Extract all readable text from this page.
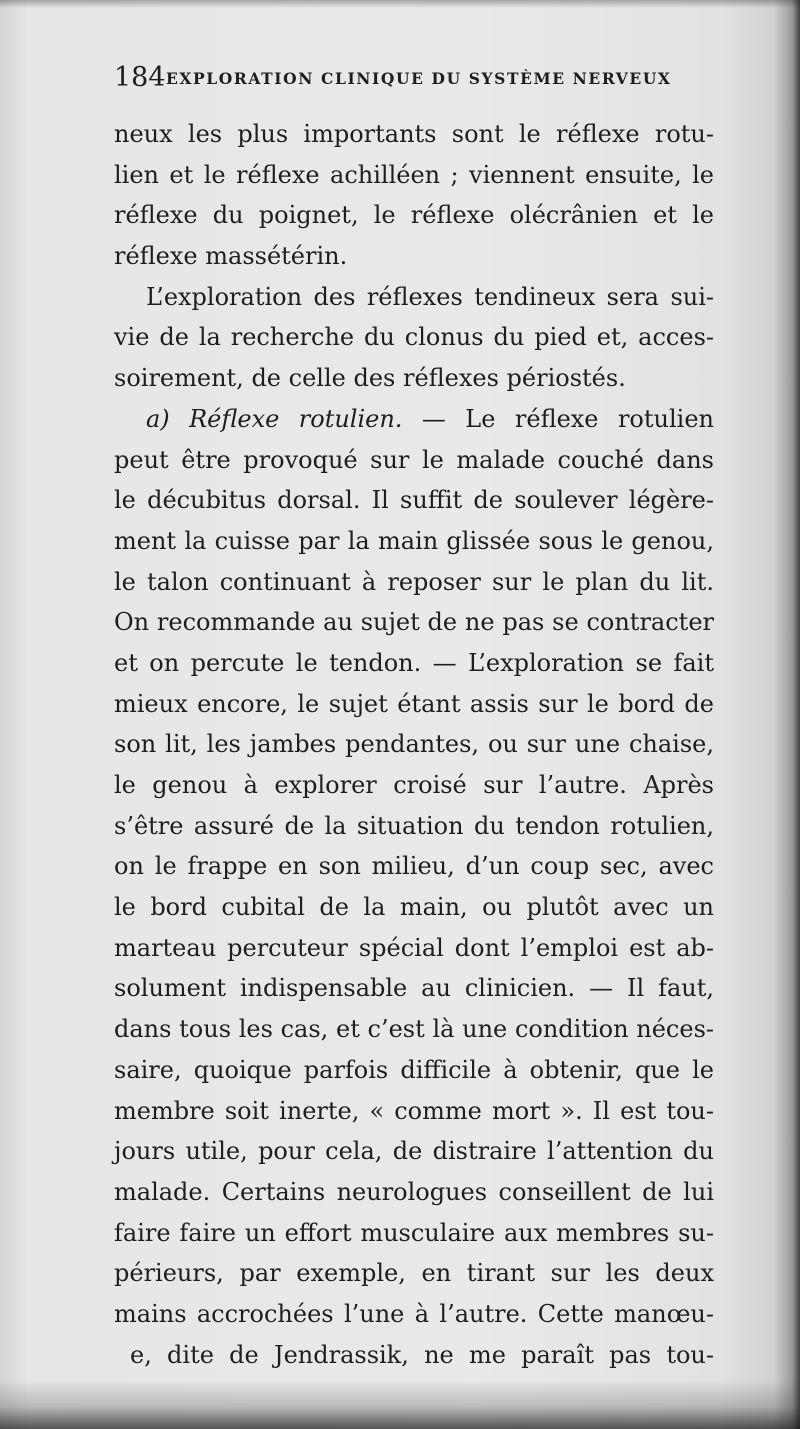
184 EXPLORATION CLINIQUE DU SYSTÈME NERVEUX
neux les plus importants sont le réflexe rotu-
lien et le réflexe achilléen ; viennent ensuite, le
réflexe du poignet, le réflexe olécrânien et le
réflexe massétérin.
L’exploration des réflexes tendineux sera sui-
vie de la recherche du clonus du pied et, acces-
soirement, de celle des réflexes périostés.
a) Réflexe rotulien. — Le réflexe rotulien
peut être provoqué sur le malade couché dans
le décubitus dorsal. Il suffit de soulever légère-
ment la cuisse par la main glissée sous le genou,
le talon continuant à reposer sur le plan du lit.
On recommande au sujet de ne pas se contracter
et on percute le tendon. — L’exploration se fait
mieux encore, le sujet étant assis sur le bord de
son lit, les jambes pendantes, ou sur une chaise,
le genou à explorer croisé sur l’autre. Après
s’être assuré de la situation du tendon rotulien,
on le frappe en son milieu, d’un coup sec, avec
le bord cubital de la main, ou plutôt avec un
marteau percuteur spécial dont l’emploi est ab-
solument indispensable au clinicien. — Il faut,
dans tous les cas, et c’est là une condition néces-
saire, quoique parfois difficile à obtenir, que le
membre soit inerte, « comme mort ». Il est tou-
jours utile, pour cela, de distraire l’attention du
malade. Certains neurologues conseillent de lui
faire faire un effort musculaire aux membres su-
périeurs, par exemple, en tirant sur les deux
mains accrochées l’une à l’autre. Cette manœu-
e, dite de Jendrassik, ne me paraît pas tou-
